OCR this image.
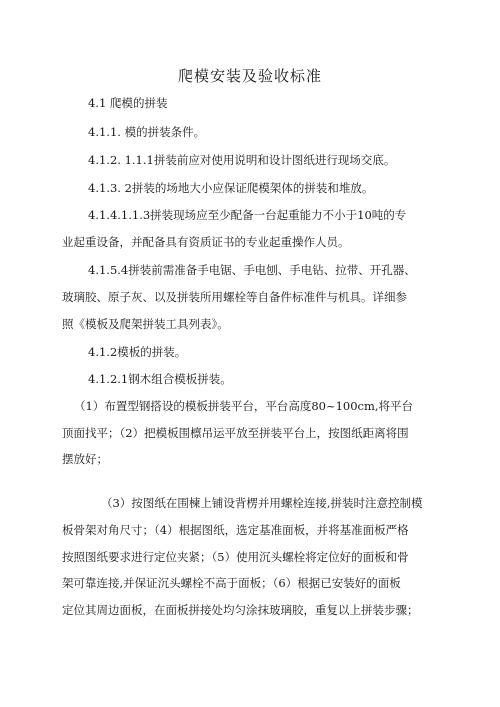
爬模安装及验收标准

4.1 爬模的拼装

4.1.1. 模的拼装条件。

4.1.2. 1.1.1拼装前应对使用说明和设计图纸进行现场交底。

4.1.3. 2拼装的场地大小应保证爬模架体的拼装和堆放。

4.1.4.1.1.3拼装现场应至少配备一台起重能力不小于10吨的专

业起重设备，并配备具有资质证书的专业起重操作人员。

4.1.5.4拼装前需准备手电锯、手电刨、手电钻、拉带、开孔器、

玻璃胶、原子灰、以及拼装所用螺栓等自备件标准件与机具。详细参

照《模板及爬架拼装工具列表》。

4.1.2模板的拼装。

4.1.2.1钢木组合模板拼装。

（1）布置型钢搭设的模板拼装平台，平台高度80~100cm,将平台

顶面找平；（2）把模板围檩吊运平放至拼装平台上，按图纸距离将围

摆放好；

（3）按图纸在围楝上铺设背楞并用螺栓连接,拼装时注意控制模

板骨架对角尺寸；（4）根据图纸，选定基准面板，并将基准面板严格

按照图纸要求进行定位夹紧；（5）使用沉头螺栓将定位好的面板和骨

架可靠连接,并保证沉头螺栓不高于面板；（6）根据已安装好的面板

定位其周边面板，在面板拼接处均匀涂抹玻璃胶，重复以上拼装步骤；
